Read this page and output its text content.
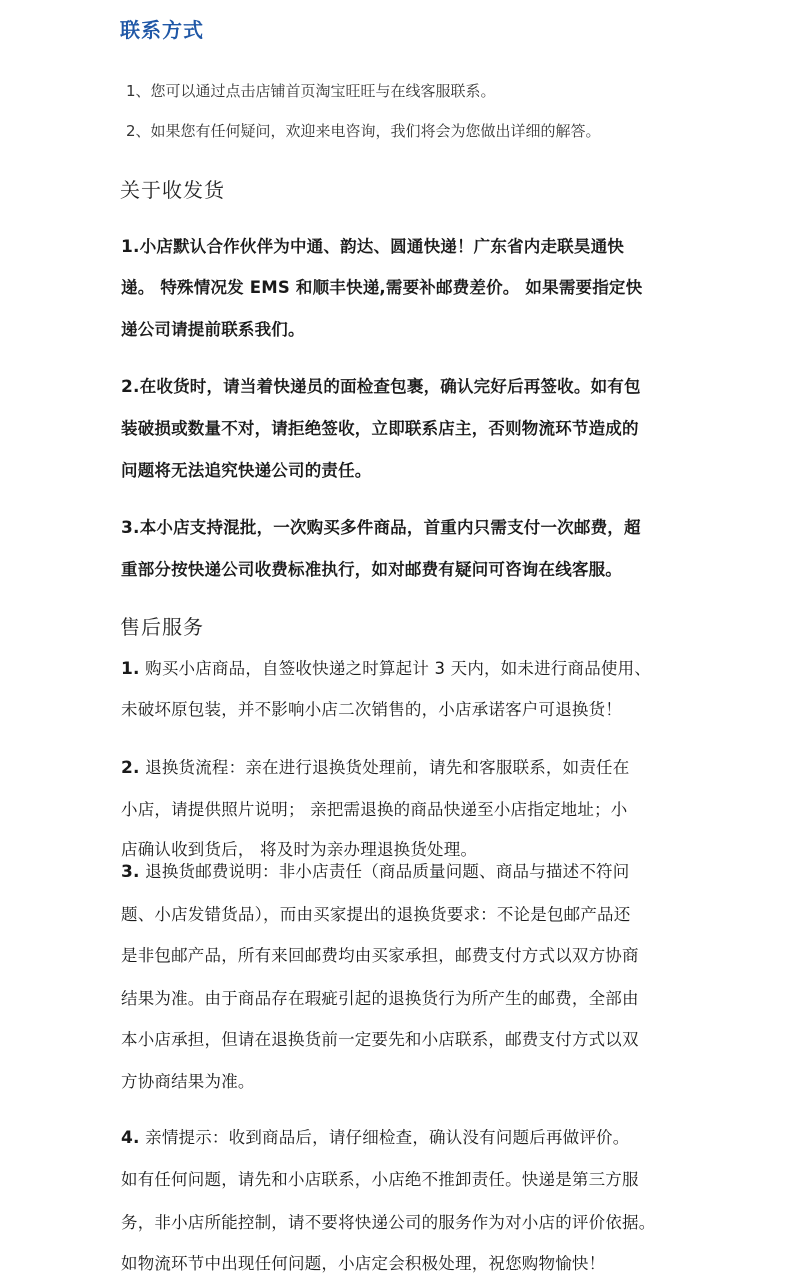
联系方式
1、您可以通过点击店铺首页淘宝旺旺与在线客服联系。
2、如果您有任何疑问，欢迎来电咨询，我们将会为您做出详细的解答。
关于收发货
1.小店默认合作伙伴为中通、韵达、圆通快递！广东省内走联昊通快
递。 特殊情况发 EMS 和顺丰快递,需要补邮费差价。 如果需要指定快
递公司请提前联系我们。
2.在收货时，请当着快递员的面检查包裹，确认完好后再签收。如有包
装破损或数量不对，请拒绝签收，立即联系店主，否则物流环节造成的
问题将无法追究快递公司的责任。
3.本小店支持混批，一次购买多件商品，首重内只需支付一次邮费，超
重部分按快递公司收费标准执行，如对邮费有疑问可咨询在线客服。
售后服务
1. 购买小店商品，自签收快递之时算起计 3 天内，如未进行商品使用、
未破坏原包装，并不影响小店二次销售的，小店承诺客户可退换货！
2. 退换货流程：亲在进行退换货处理前，请先和客服联系，如责任在
小店，请提供照片说明； 亲把需退换的商品快递至小店指定地址；小
店确认收到货后， 将及时为亲办理退换货处理。
3. 退换货邮费说明：非小店责任（商品质量问题、商品与描述不符问
题、小店发错货品），而由买家提出的退换货要求：不论是包邮产品还
是非包邮产品，所有来回邮费均由买家承担，邮费支付方式以双方协商
结果为准。由于商品存在瑕疵引起的退换货行为所产生的邮费，全部由
本小店承担，但请在退换货前一定要先和小店联系，邮费支付方式以双
方协商结果为准。
4. 亲情提示：收到商品后，请仔细检查，确认没有问题后再做评价。
如有任何问题，请先和小店联系，小店绝不推卸责任。快递是第三方服
务，非小店所能控制，请不要将快递公司的服务作为对小店的评价依据。
如物流环节中出现任何问题，小店定会积极处理，祝您购物愉快！
